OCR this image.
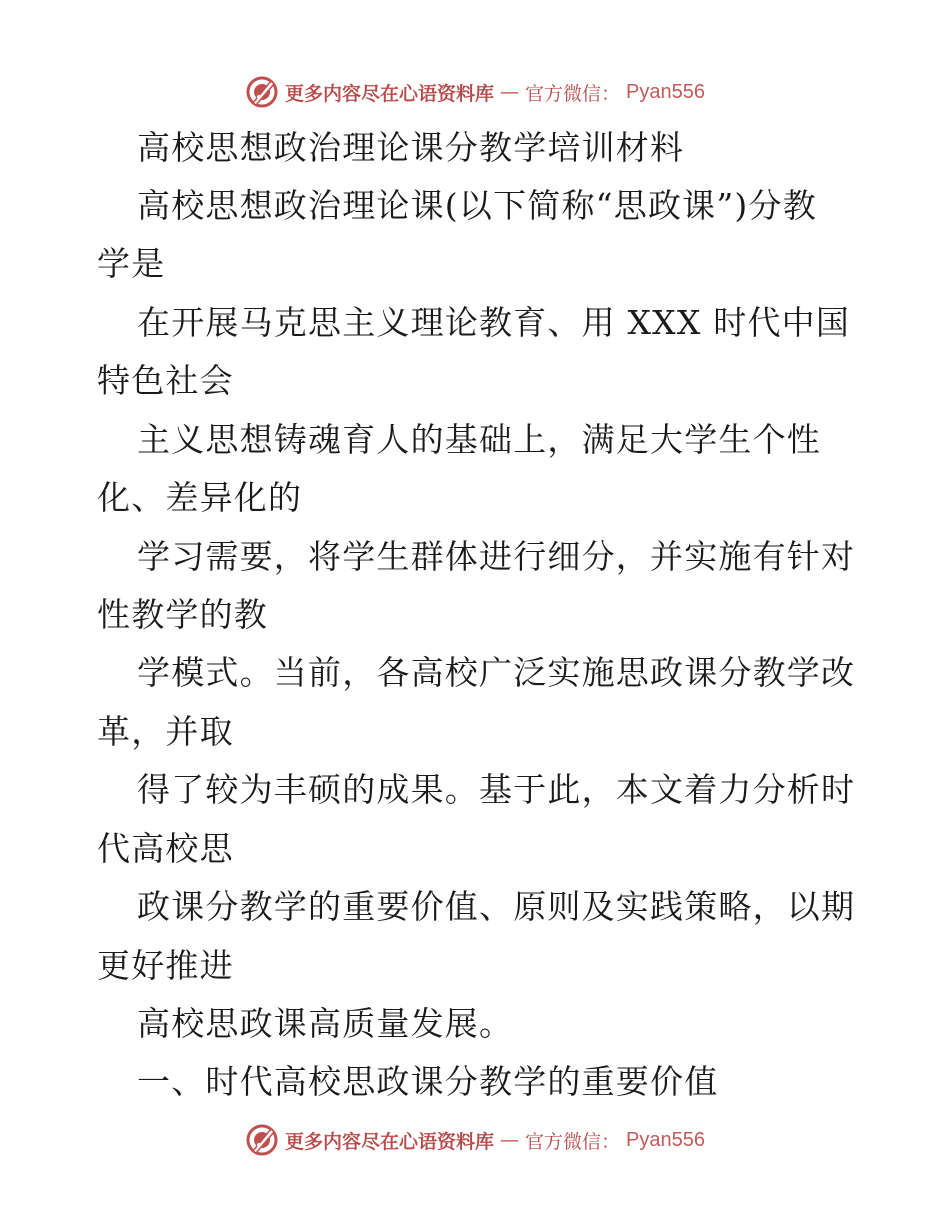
更多内容尽在心语资料库 — 官方微信： Pyan556
高校思想政治理论课分教学培训材料
高校思想政治理论课(以下简称“思政课”)分教
学是
在开展马克思主义理论教育、用 XXX 时代中国
特色社会
主义思想铸魂育人的基础上，满足大学生个性
化、差异化的
学习需要，将学生群体进行细分，并实施有针对
性教学的教
学模式。当前，各高校广泛实施思政课分教学改
革，并取
得了较为丰硕的成果。基于此，本文着力分析时
代高校思
政课分教学的重要价值、原则及实践策略，以期
更好推进
高校思政课高质量发展。
一、时代高校思政课分教学的重要价值
更多内容尽在心语资料库 — 官方微信： Pyan556
